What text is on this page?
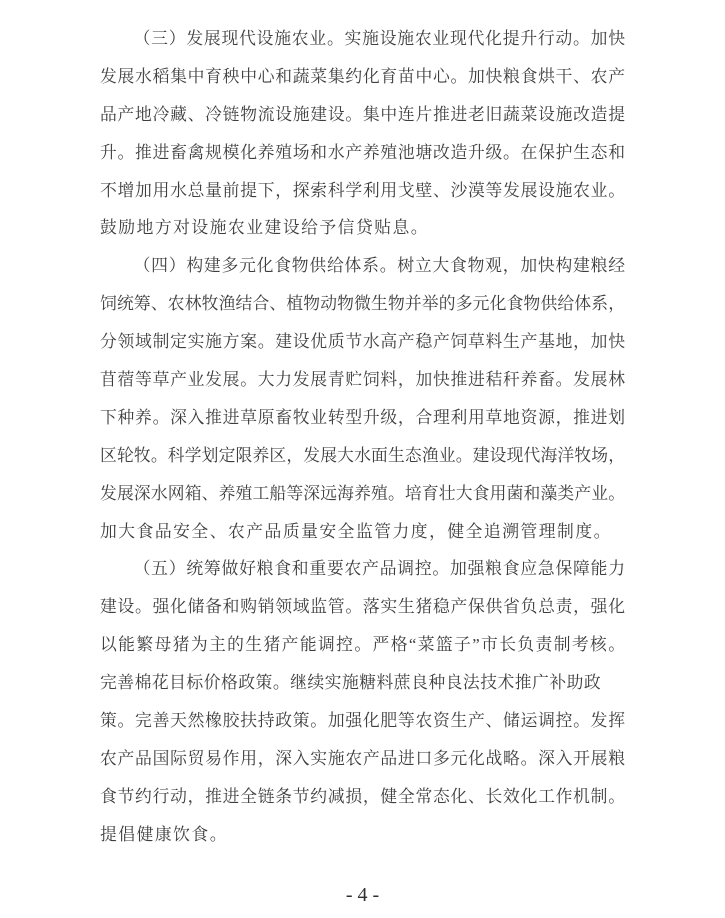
（三）发展现代设施农业。实施设施农业现代化提升行动。加快
发展水稻集中育秧中心和蔬菜集约化育苗中心。加快粮食烘干、农产
品产地冷藏、冷链物流设施建设。集中连片推进老旧蔬菜设施改造提
升。推进畜禽规模化养殖场和水产养殖池塘改造升级。在保护生态和
不增加用水总量前提下，探索科学利用戈壁、沙漠等发展设施农业。
鼓励地方对设施农业建设给予信贷贴息。
（四）构建多元化食物供给体系。树立大食物观，加快构建粮经
饲统筹、农林牧渔结合、植物动物微生物并举的多元化食物供给体系，
分领域制定实施方案。建设优质节水高产稳产饲草料生产基地，加快
苜蓿等草产业发展。大力发展青贮饲料，加快推进秸秆养畜。发展林
下种养。深入推进草原畜牧业转型升级，合理利用草地资源，推进划
区轮牧。科学划定限养区，发展大水面生态渔业。建设现代海洋牧场，
发展深水网箱、养殖工船等深远海养殖。培育壮大食用菌和藻类产业。
加大食品安全、农产品质量安全监管力度，健全追溯管理制度。
（五）统筹做好粮食和重要农产品调控。加强粮食应急保障能力
建设。强化储备和购销领域监管。落实生猪稳产保供省负总责，强化
以能繁母猪为主的生猪产能调控。严格“菜篮子”市长负责制考核。
完善棉花目标价格政策。继续实施糖料蔗良种良法技术推广补助政
策。完善天然橡胶扶持政策。加强化肥等农资生产、储运调控。发挥
农产品国际贸易作用，深入实施农产品进口多元化战略。深入开展粮
食节约行动，推进全链条节约减损，健全常态化、长效化工作机制。
提倡健康饮食。
- 4 -
